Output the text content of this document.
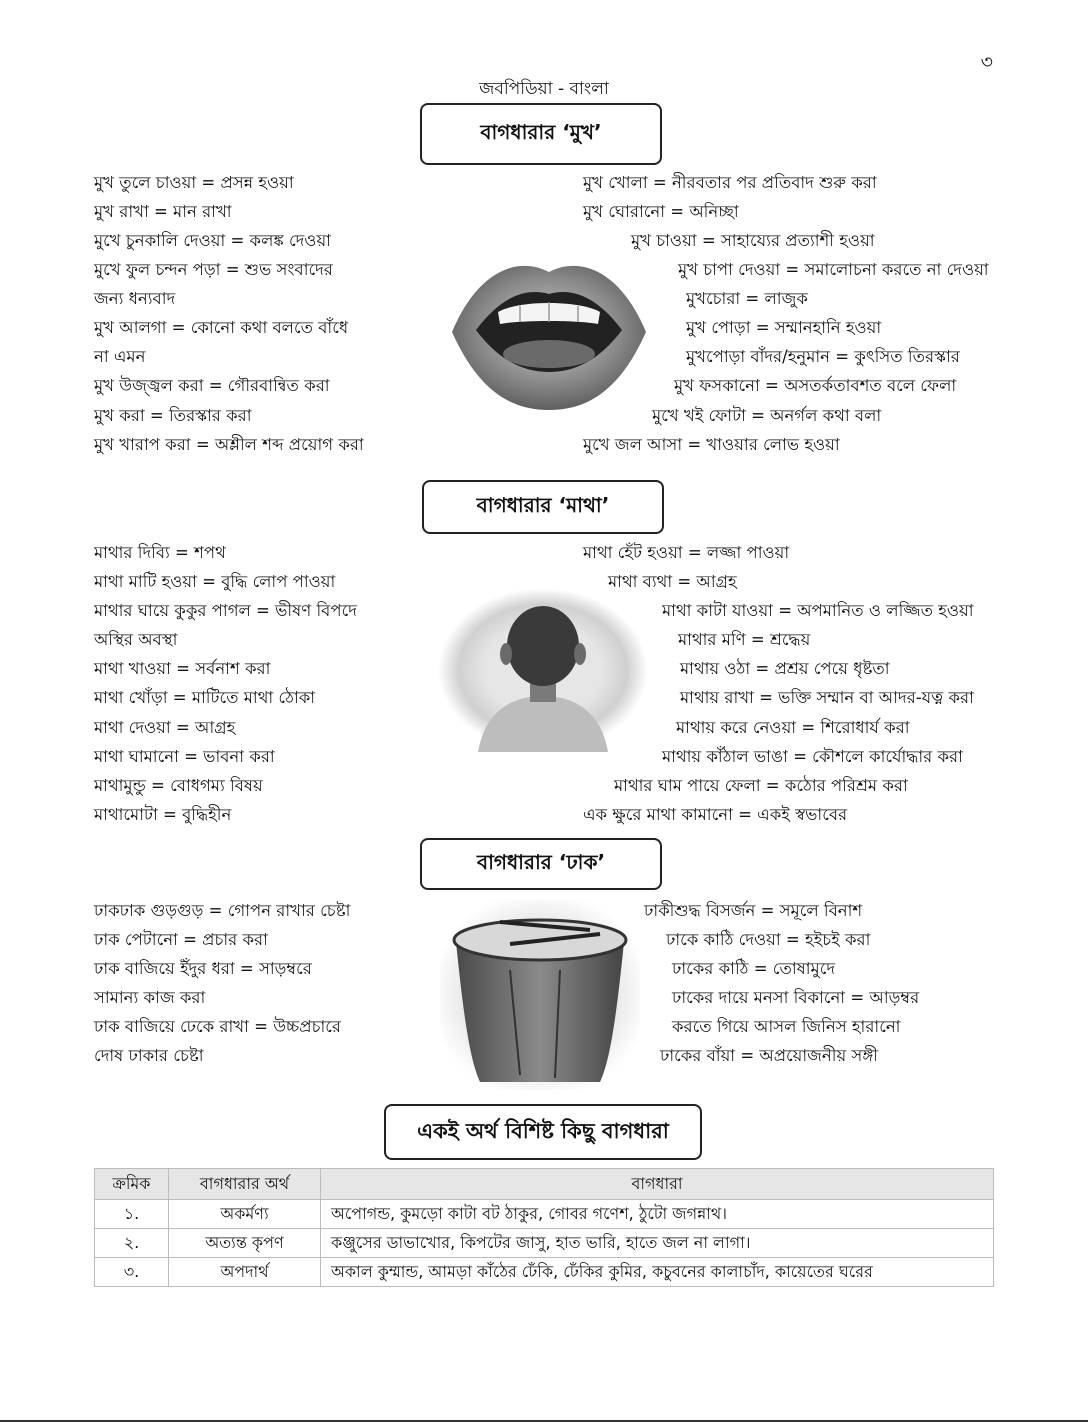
৩
জবপিডিয়া - বাংলা
বাগধারার ‘মুখ’
মুখ তুলে চাওয়া = প্রসন্ন হওয়া
মুখ রাখা = মান রাখা
মুখে চুনকালি দেওয়া = কলঙ্ক দেওয়া
মুখে ফুল চন্দন পড়া = শুভ সংবাদের
জন্য ধন্যবাদ
মুখ আলগা = কোনো কথা বলতে বাঁধে
না এমন
মুখ উজ্জ্বল করা = গৌরবান্বিত করা
মুখ করা = তিরস্কার করা
মুখ খারাপ করা = অশ্লীল শব্দ প্রয়োগ করা
মুখ খোলা = নীরবতার পর প্রতিবাদ শুরু করা
মুখ ঘোরানো = অনিচ্ছা
মুখ চাওয়া = সাহায্যের প্রত্যাশী হওয়া
মুখ চাপা দেওয়া = সমালোচনা করতে না দেওয়া
মুখচোরা = লাজুক
মুখ পোড়া = সম্মানহানি হওয়া
মুখপোড়া বাঁদর/হনুমান = কুৎসিত তিরস্কার
মুখ ফসকানো = অসতর্কতাবশত বলে ফেলা
মুখে খই ফোটা = অনর্গল কথা বলা
মুখে জল আসা = খাওয়ার লোভ হওয়া
বাগধারার ‘মাথা’
মাথার দিব্যি = শপথ
মাথা মাটি হওয়া = বুদ্ধি লোপ পাওয়া
মাথার ঘায়ে কুকুর পাগল = ভীষণ বিপদে
অস্থির অবস্থা
মাথা খাওয়া = সর্বনাশ করা
মাথা খোঁড়া = মাটিতে মাথা ঠোকা
মাথা দেওয়া = আগ্রহ
মাথা ঘামানো = ভাবনা করা
মাথামুন্ডু = বোধগম্য বিষয়
মাথামোটা = বুদ্ধিহীন
মাথা হেঁট হওয়া = লজ্জা পাওয়া
মাথা ব্যথা = আগ্রহ
মাথা কাটা যাওয়া = অপমানিত ও লজ্জিত হওয়া
মাথার মণি = শ্রদ্ধেয়
মাথায় ওঠা = প্রশ্রয় পেয়ে ধৃষ্টতা
মাথায় রাখা = ভক্তি সম্মান বা আদর-যত্ন করা
মাথায় করে নেওয়া = শিরোধার্য করা
মাথায় কাঁঠাল ভাঙা = কৌশলে কার্যোদ্ধার করা
মাথার ঘাম পায়ে ফেলা = কঠোর পরিশ্রম করা
এক ক্ষুরে মাথা কামানো = একই স্বভাবের
বাগধারার ‘ঢাক’
ঢাকঢাক গুড়গুড় = গোপন রাখার চেষ্টা
ঢাক পেটানো = প্রচার করা
ঢাক বাজিয়ে ইঁদুর ধরা = সাড়ম্বরে
সামান্য কাজ করা
ঢাক বাজিয়ে ঢেকে রাখা = উচ্চপ্রচারে
দোষ ঢাকার চেষ্টা
ঢাকীশুদ্ধ বিসর্জন = সমূলে বিনাশ
ঢাকে কাঠি দেওয়া = হইচই করা
ঢাকের কাঠি = তোষামুদে
ঢাকের দায়ে মনসা বিকানো = আড়ম্বর
করতে গিয়ে আসল জিনিস হারানো
ঢাকের বাঁয়া = অপ্রয়োজনীয় সঙ্গী
একই অর্থ বিশিষ্ট কিছু বাগধারা
ক্রমিক	বাগধারার অর্থ	বাগধারা
১.	অকর্মণ্য	অপোগন্ড, কুমড়ো কাটা বট ঠাকুর, গোবর গণেশ, ঠুটো জগন্নাথ।
২.	অত্যন্ত কৃপণ	কঞ্জুসের ডাভাখোর, কিপটের জাসু, হাত ভারি, হাতে জল না লাগা।
৩.	অপদার্থ	অকাল কুম্মান্ড, আমড়া কাঁঠের ঢেঁকি, ঢেঁকির কুমির, কচুবনের কালাচাঁদ, কায়েতের ঘরের
